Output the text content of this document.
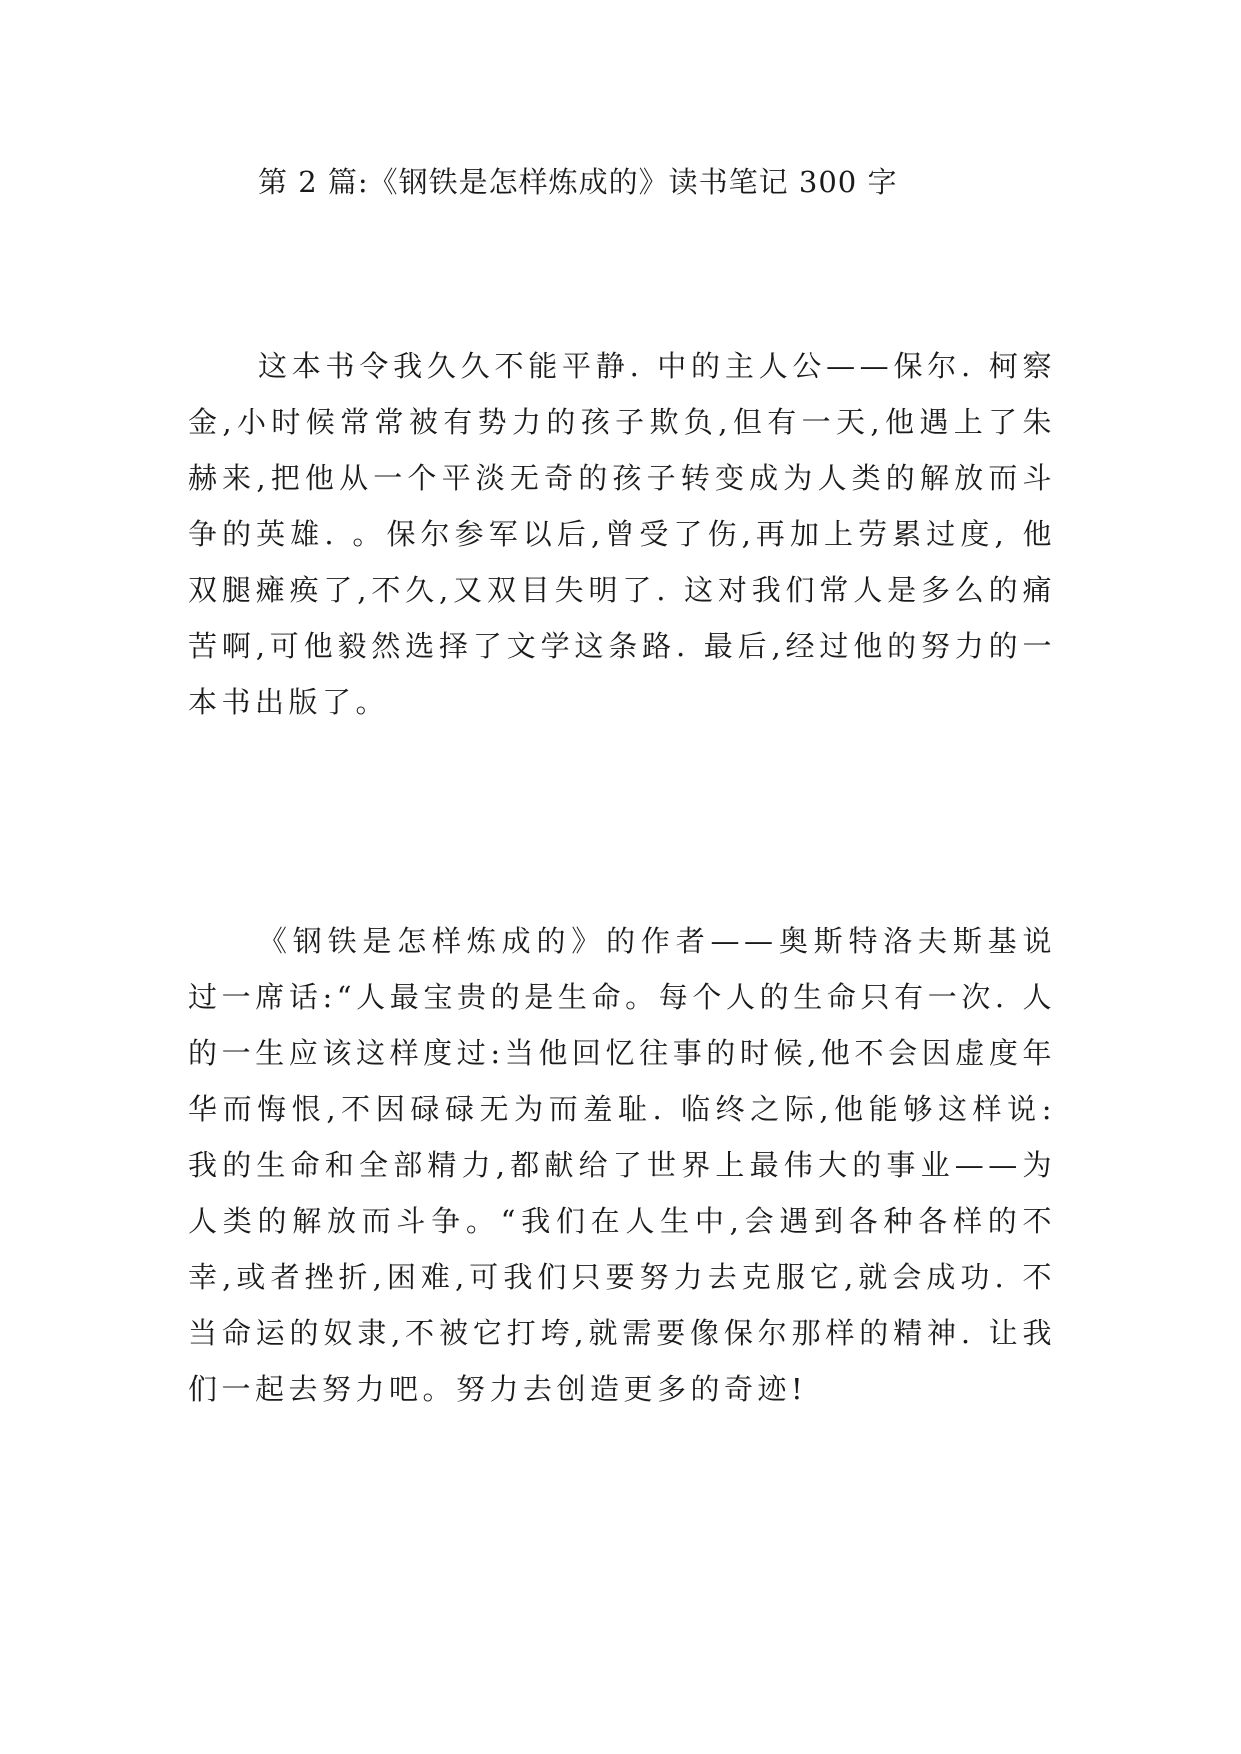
第 2 篇:《钢铁是怎样炼成的》读书笔记 300 字

这本书令我久久不能平静. 中的主人公——保尔. 柯察金,小时候常常被有势力的孩子欺负,但有一天,他遇上了朱赫来,把他从一个平淡无奇的孩子转变成为人类的解放而斗争的英雄. 。保尔参军以后,曾受了伤,再加上劳累过度, 他双腿瘫痪了,不久,又双目失明了. 这对我们常人是多么的痛苦啊,可他毅然选择了文学这条路. 最后,经过他的努力的一本书出版了。

《钢铁是怎样炼成的》的作者——奥斯特洛夫斯基说过一席话:“人最宝贵的是生命。每个人的生命只有一次. 人的一生应该这样度过:当他回忆往事的时候,他不会因虚度年华而悔恨,不因碌碌无为而羞耻. 临终之际,他能够这样说:我的生命和全部精力,都献给了世界上最伟大的事业——为人类的解放而斗争。“我们在人生中,会遇到各种各样的不幸,或者挫折,困难,可我们只要努力去克服它,就会成功. 不当命运的奴隶,不被它打垮,就需要像保尔那样的精神. 让我们一起去努力吧。努力去创造更多的奇迹!
